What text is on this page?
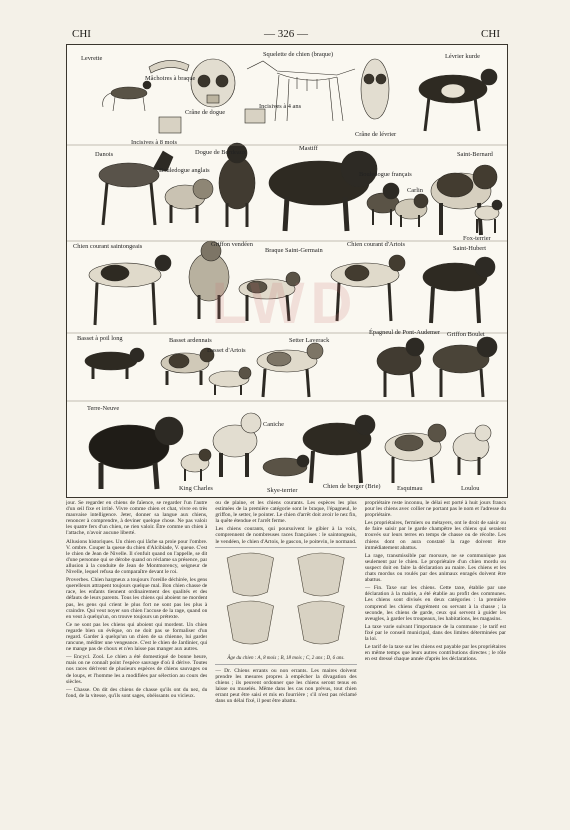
CHI	— 326 —	CHI
Levrette
Mâchoires à braque
Squelette de chien (braque)	Lévrier kurde
Crâne de dogue
Incisives à 4 ans
Incisives à 8 mois
Crâne de lévrier
Danois	Dogue de Bordeaux
Bouledogue anglais
Mastiff
Bouledogue français
Carlin
Saint-Bernard
Fox-terrier
Chien courant saintongeais	Griffon vendéen
Braque Saint-Germain
Chien courant d'Artois
Saint-Hubert
Basset à poil long	Basset ardennais
Basset d'Artois
Setter Laverack
Épagneul de Pont-Audemer Griffon Boulet
Terre-Neuve
Caniche
Chien de berger (Brie)
King Charles	Skye-terrier	Esquimau	Loulou
LWD

jour. Se regarder en chiens de faïence, se regarder l'un l'autre d'un œil fixe et irrité. Vivre comme chien et chat, vivre en très mauvaise intelligence. Jeter, donner sa langue aux chiens, renoncer à comprendre, à deviner quelque chose. Ne pas valoir les quatre fers d'un chien, ne rien valoir. Être comme un chien à l'attache, n'avoir aucune liberté.

Allusions historiques. Un chien qui lâche sa proie pour l'ombre. V. ombre. Couper la queue du chien d'Alcibiade, V. queue. C'est le chien de Jean de Nivelle. Il s'enfuit quand on l'appelle, se dit d'une personne qui se dérobe quand on réclame sa présence, par allusion à la conduite de Jean de Montmorency, seigneur de Nivelle, lequel refusa de comparaître devant le roi.

Proverbes. Chien hargneux a toujours l'oreille déchirée, les gens querelleurs attrapent toujours quelque mal. Bon chien chasse de race, les enfants tiennent ordinairement des qualités et des défauts de leurs parents. Tous les chiens qui aboient ne mordent pas, les gens qui crient le plus fort ne sont pas les plus à craindre. Qui veut noyer son chien l'accuse de la rage, quand on en veut à quelqu'un, on trouve toujours un prétexte.

Ce ne sont pas les chiens qui aboient qui mordent. Un chien regarde bien un évêque, on ne doit pas se formaliser d'un regard. Garder à quelqu'un un chien de sa chienne, lui garder rancune, méditer une vengeance. C'est le chien de Jardinier, qui ne mange pas de choux et n'en laisse pas manger aux autres.

— Encycl. Zool. Le chien a été domestiqué de bonne heure, mais on ne connaît point l'espèce sauvage d'où il dérive. Toutes nos races dérivent de plusieurs espèces de chiens sauvages ou de loups, et l'homme les a modifiées par sélection au cours des siècles.

— Chasse. On dit des chiens de chasse qu'ils ont du nez, du fond, de la vitesse, qu'ils sont sages, obéissants ou vicieux.

ou de plaine, et les chiens courants. Les espèces les plus estimées de la première catégorie sont le braque, l'épagneul, le griffon, le setter, le pointer. Le chien d'arrêt doit avoir le nez fin, la quête étendue et l'arrêt ferme.

Les chiens courants, qui poursuivent le gibier à la voix, comprennent de nombreuses races françaises : le saintongeais, le vendéen, le chien d'Artois, le gascon, le poitevin, le normand.

Âge du chien : A, 8 mois ; B, 18 mois ; C, 2 ans ; D, 6 ans.

— Dr. Chiens errants ou non errants. Les maires doivent prendre les mesures propres à empêcher la divagation des chiens ; ils peuvent ordonner que les chiens seront tenus en laisse ou muselés. Même dans les cas non prévus, tout chien errant peut être saisi et mis en fourrière ; s'il n'est pas réclamé dans un délai fixé, il peut être abattu.

propriétaire reste inconnu, le délai est porté à huit jours francs pour les chiens avec collier ne portant pas le nom et l'adresse du propriétaire.

Les propriétaires, fermiers ou métayers, ont le droit de saisir ou de faire saisir par le garde champêtre les chiens qui seraient trouvés sur leurs terres en temps de chasse ou de récolte. Les chiens dont on aura constaté la rage doivent être immédiatement abattus.

La rage, transmissible par morsure, ne se communique pas seulement par le chien. Le propriétaire d'un chien mordu ou suspect doit en faire la déclaration au maire. Les chiens et les chats mordus ou roulés par des animaux enragés doivent être abattus.

— Fin. Taxe sur les chiens. Cette taxe, établie par une déclaration à la mairie, a été établie au profit des communes. Les chiens sont divisés en deux catégories : la première comprend les chiens d'agrément ou servant à la chasse ; la seconde, les chiens de garde, ceux qui servent à guider les aveugles, à garder les troupeaux, les habitations, les magasins.

La taxe varie suivant l'importance de la commune ; le tarif est fixé par le conseil municipal, dans des limites déterminées par la loi.

Le tarif de la taxe sur les chiens est payable par les propriétaires en même temps que leurs autres contributions directes ; le rôle en est dressé chaque année d'après les déclarations.
